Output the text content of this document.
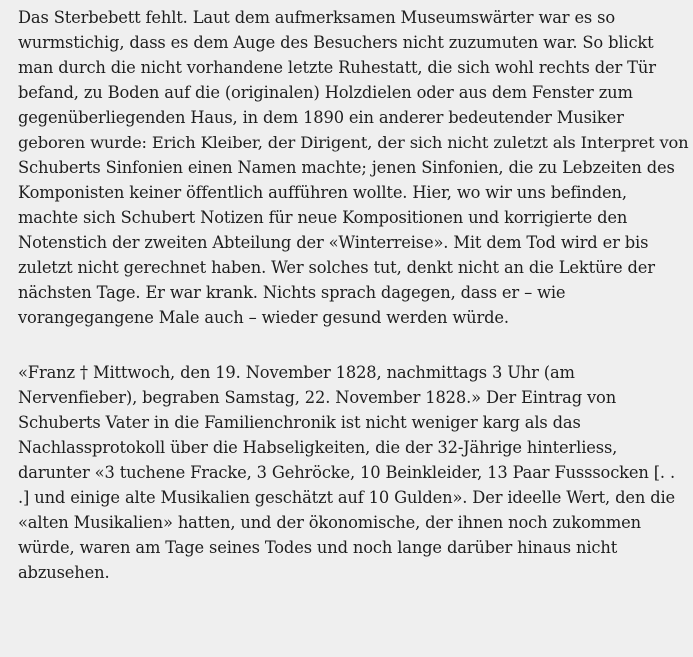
Das Sterbebett fehlt. Laut dem aufmerksamen Museumswärter war es so
wurmstichig, dass es dem Auge des Besuchers nicht zuzumuten war. So blickt
man durch die nicht vorhandene letzte Ruhestatt, die sich wohl rechts der Tür
befand, zu Boden auf die (originalen) Holzdielen oder aus dem Fenster zum
gegenüberliegenden Haus, in dem 1890 ein anderer bedeutender Musiker
geboren wurde: Erich Kleiber, der Dirigent, der sich nicht zuletzt als Interpret von
Schuberts Sinfonien einen Namen machte; jenen Sinfonien, die zu Lebzeiten des
Komponisten keiner öffentlich aufführen wollte. Hier, wo wir uns befinden,
machte sich Schubert Notizen für neue Kompositionen und korrigierte den
Notenstich der zweiten Abteilung der «Winterreise». Mit dem Tod wird er bis
zuletzt nicht gerechnet haben. Wer solches tut, denkt nicht an die Lektüre der
nächsten Tage. Er war krank. Nichts sprach dagegen, dass er – wie
vorangegangene Male auch – wieder gesund werden würde.

«Franz † Mittwoch, den 19. November 1828, nachmittags 3 Uhr (am
Nervenfieber), begraben Samstag, 22. November 1828.» Der Eintrag von
Schuberts Vater in die Familienchronik ist nicht weniger karg als das
Nachlassprotokoll über die Habseligkeiten, die der 32-Jährige hinterliess,
darunter «3 tuchene Fracke, 3 Gehröcke, 10 Beinkleider, 13 Paar Fusssocken [. .
.] und einige alte Musikalien geschätzt auf 10 Gulden». Der ideelle Wert, den die
«alten Musikalien» hatten, und der ökonomische, der ihnen noch zukommen
würde, waren am Tage seines Todes und noch lange darüber hinaus nicht
abzusehen.
